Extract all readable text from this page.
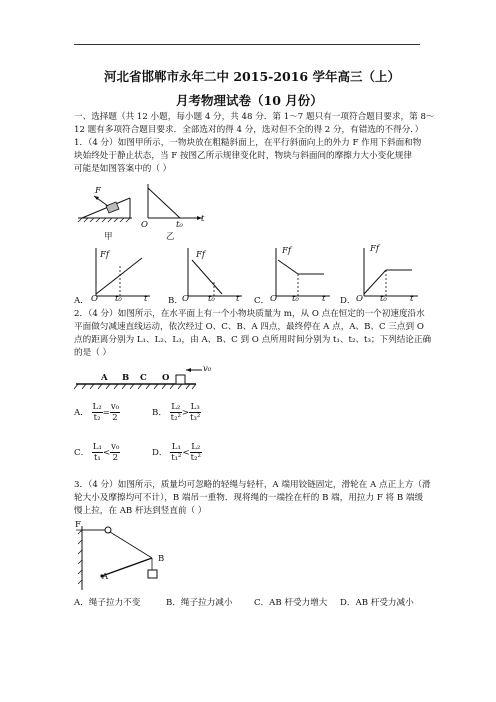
河北省邯郸市永年二中 2015-2016 学年高三（上）
月考物理试卷（10 月份）
一、选择题（共 12 小题，每小题 4 分，共 48 分．第 1～7 题只有一项符合题目要求，第 8～
12 题有多项符合题目要求．全部选对的得 4 分，选对但不全的得 2 分，有错选的不得分．）
1．（4 分）如图甲所示，一物块放在粗糙斜面上，在平行斜面向上的外力 F 作用下斜面和物
块始终处于静止状态，当 F 按图乙所示规律变化时，物块与斜面间的摩擦力大小变化规律
可能是如图答案中的（ ）
F
甲
O	t₀
t
乙
A．
Ff
O t₀	t B．
Ff
O t₀ t C．
Ff
O t₀	t D．
Ff
O t₀	t
2．（4 分）如图所示，在水平面上有一个小物块质量为 m，从 O 点在恒定的一个初速度沿水
平面做匀减速直线运动，依次经过 O、C、B、A 四点，最终停在 A 点，A、B、C 三点到 O
点的距离分别为 L₁、L₂、L₃，由 A、B、C 到 O 点所用时间分别为 t₁、t₂、t₃；下列结论正确
的是（ ）
A B C O
v₀
A． $\frac{\text{L₂}}{\text{t₂}} = \frac{\text{v₀}}{2}$	B． $\frac{\text{L₂}}{\text{t₂²}} > \frac{\text{L₃}}{\text{t₃²}}$
C． $\frac{\text{L₁}}{\text{t₁}} < \frac{\text{v₀}}{2}$	D． $\frac{\text{L₁}}{\text{t₁²}} < \frac{\text{L₂}}{\text{t₂²}}$
3．（4 分）如图所示，质量均可忽略的轻绳与轻杆，A 端用铰链固定，滑轮在 A 点正上方（滑
轮大小及摩擦均可不计），B 端吊一重物．现将绳的一端拴在杆的 B 端，用拉力 F 将 B 端缓
慢上拉，在 AB 杆达到竖直前（ ）
F
B
A
A．绳子拉力不变	B．绳子拉力减小	C．AB 杆受力增大 D．AB 杆受力减小
